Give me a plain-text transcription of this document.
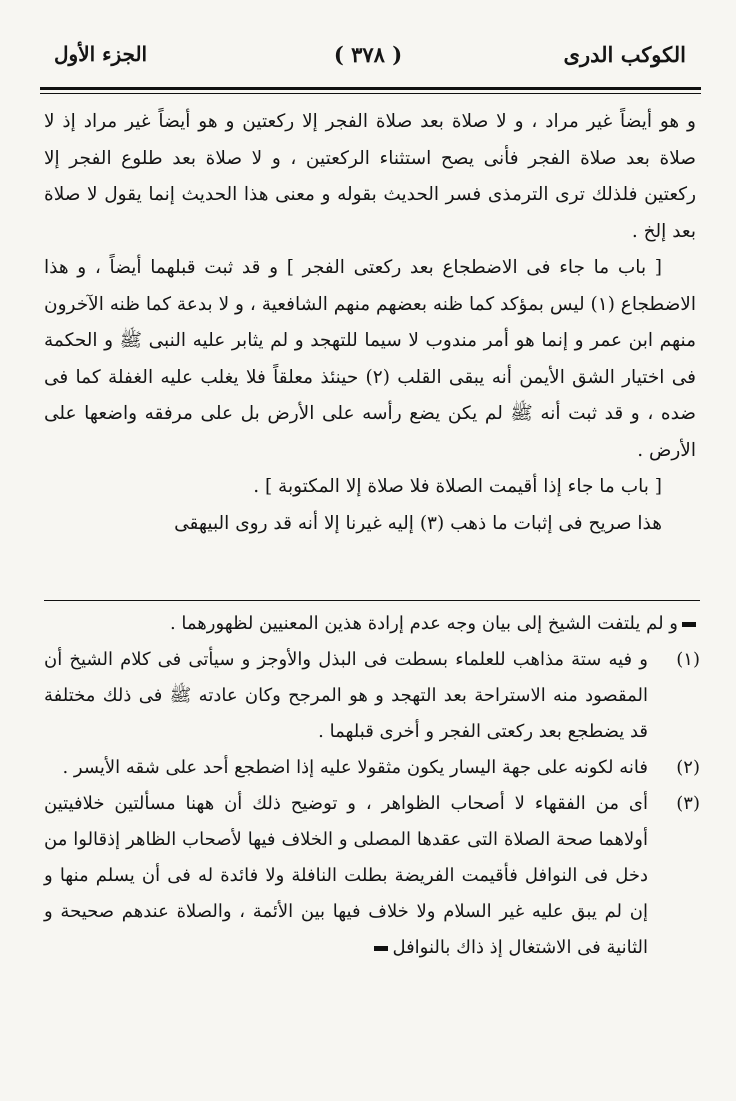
الكوكب الدرى
( ٣٧٨ )
الجزء الأول

و هو أيضاً غير مراد ، و لا صلاة بعد صلاة الفجر إلا ركعتين و هو أيضاً غير مراد إذ لا صلاة بعد صلاة الفجر فأنى يصح استثناء الركعتين ، و لا صلاة بعد طلوع الفجر إلا ركعتين فلذلك ترى الترمذى فسر الحديث بقوله و معنى هذا الحديث إنما يقول لا صلاة بعد إلخ .

[ باب ما جاء فى الاضطجاع بعد ركعتى الفجر ] و قد ثبت قبلهما أيضاً ، و هذا الاضطجاع (١) ليس بمؤكد كما ظنه بعضهم منهم الشافعية ، و لا بدعة كما ظنه الآخرون منهم ابن عمر و إنما هو أمر مندوب لا سيما للتهجد و لم يثابر عليه النبى ﷺ و الحكمة فى اختيار الشق الأيمن أنه يبقى القلب (٢) حينئذ معلقاً فلا يغلب عليه الغفلة كما فى ضده ، و قد ثبت أنه ﷺ لم يكن يضع رأسه على الأرض بل على مرفقه واضعها على الأرض .

[ باب ما جاء إذا أقيمت الصلاة فلا صلاة إلا المكتوبة ] .

هذا صريح فى إثبات ما ذهب (٣) إليه غيرنا إلا أنه قد روى البيهقى

و لم يلتفت الشيخ إلى بيان وجه عدم إرادة هذين المعنيين لظهورهما .

(١)
و فيه ستة مذاهب للعلماء بسطت فى البذل والأوجز و سيأتى فى كلام الشيخ أن المقصود منه الاستراحة بعد التهجد و هو المرجح وكان عادته ﷺ فى ذلك مختلفة قد يضطجع بعد ركعتى الفجر و أخرى قبلهما .
(٢)
فانه لكونه على جهة اليسار يكون مثقولا عليه إذا اضطجع أحد على شقه الأيسر .
(٣)
أى من الفقهاء لا أصحاب الظواهر ، و توضيح ذلك أن ههنا مسألتين خلافيتين أولاهما صحة الصلاة التى عقدها المصلى و الخلاف فيها لأصحاب الظاهر إذقالوا من دخل فى النوافل فأقيمت الفريضة بطلت النافلة ولا فائدة له فى أن يسلم منها و إن لم يبق عليه غير السلام ولا خلاف فيها بين الأئمة ، والصلاة عندهم صحيحة و الثانية فى الاشتغال إذ ذاك بالنوافل
